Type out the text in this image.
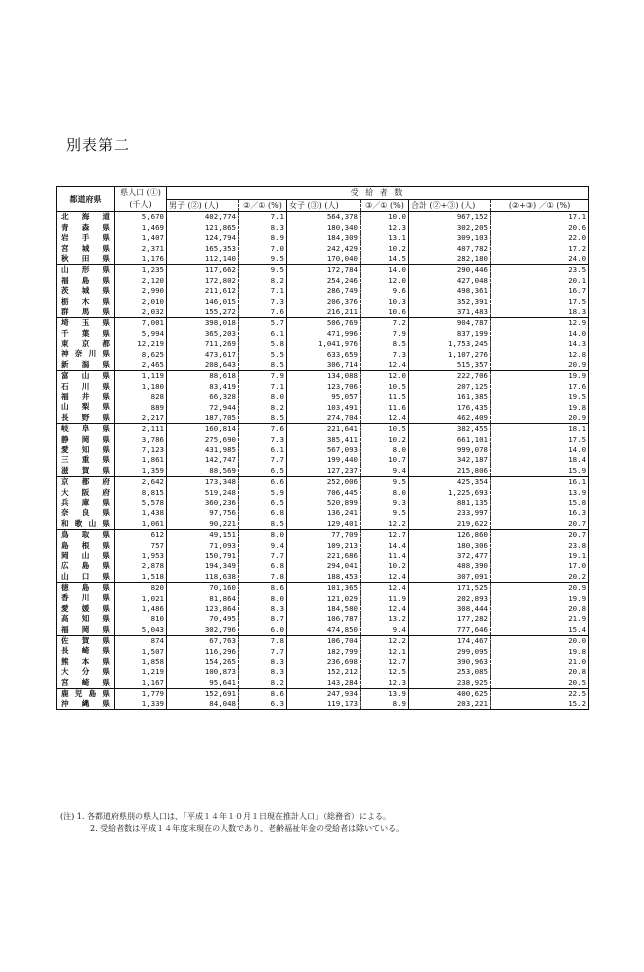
別表第二
都道府県	県人口 (①)	受 給 者 数					
	(千人)	男子 (②) (人)	②／① (%)	女子 (③) (人)	③／① (%)	合計 (②+③) (人)	(②+③) ／① (%)
北海道	5,670	402,774	7.1	564,378	10.0	967,152	17.1
青森県	1,469	121,865	8.3	180,340	12.3	302,205	20.6
岩手県	1,407	124,794	8.9	184,309	13.1	309,103	22.0
宮城県	2,371	165,353	7.0	242,429	10.2	407,782	17.2
秋田県	1,176	112,140	9.5	170,040	14.5	282,180	24.0
山形県	1,235	117,662	9.5	172,784	14.0	290,446	23.5
福島県	2,120	172,802	8.2	254,246	12.0	427,048	20.1
茨城県	2,990	211,612	7.1	286,749	9.6	498,361	16.7
栃木県	2,010	146,015	7.3	206,376	10.3	352,391	17.5
群馬県	2,032	155,272	7.6	216,211	10.6	371,483	18.3
埼玉県	7,001	398,018	5.7	506,769	7.2	904,787	12.9
千葉県	5,994	365,203	6.1	471,996	7.9	837,199	14.0
東京都	12,219	711,269	5.8	1,041,976	8.5	1,753,245	14.3
神奈川県	8,625	473,617	5.5	633,659	7.3	1,107,276	12.8
新潟県	2,465	208,643	8.5	306,714	12.4	515,357	20.9
富山県	1,119	88,618	7.9	134,088	12.0	222,706	19.9
石川県	1,180	83,419	7.1	123,706	10.5	207,125	17.6
福井県	828	66,328	8.0	95,057	11.5	161,385	19.5
山梨県	889	72,944	8.2	103,491	11.6	176,435	19.8
長野県	2,217	187,705	8.5	274,704	12.4	462,409	20.9
岐阜県	2,111	160,814	7.6	221,641	10.5	382,455	18.1
静岡県	3,786	275,690	7.3	385,411	10.2	661,101	17.5
愛知県	7,123	431,985	6.1	567,093	8.0	999,078	14.0
三重県	1,861	142,747	7.7	199,440	10.7	342,187	18.4
滋賀県	1,359	88,569	6.5	127,237	9.4	215,806	15.9
京都府	2,642	173,348	6.6	252,006	9.5	425,354	16.1
大阪府	8,815	519,248	5.9	706,445	8.0	1,225,693	13.9
兵庫県	5,578	360,236	6.5	520,899	9.3	881,135	15.8
奈良県	1,438	97,756	6.8	136,241	9.5	233,997	16.3
和歌山県	1,061	90,221	8.5	129,401	12.2	219,622	20.7
鳥取県	612	49,151	8.0	77,709	12.7	126,860	20.7
島根県	757	71,093	9.4	109,213	14.4	180,306	23.8
岡山県	1,953	150,791	7.7	221,686	11.4	372,477	19.1
広島県	2,878	194,349	6.8	294,041	10.2	488,390	17.0
山口県	1,518	118,638	7.8	188,453	12.4	307,091	20.2
徳島県	820	70,160	8.6	101,365	12.4	171,525	20.9
香川県	1,021	81,864	8.0	121,029	11.9	202,893	19.9
愛媛県	1,486	123,864	8.3	184,580	12.4	308,444	20.8
高知県	810	70,495	8.7	106,787	13.2	177,282	21.9
福岡県	5,043	302,796	6.0	474,850	9.4	777,646	15.4
佐賀県	874	67,763	7.8	106,704	12.2	174,467	20.0
長崎県	1,507	116,296	7.7	182,799	12.1	299,095	19.8
熊本県	1,858	154,265	8.3	236,698	12.7	390,963	21.0
大分県	1,219	100,873	8.3	152,212	12.5	253,085	20.8
宮崎県	1,167	95,641	8.2	143,284	12.3	238,925	20.5
鹿児島県	1,779	152,691	8.6	247,934	13.9	400,625	22.5
沖縄県	1,339	84,048	6.3	119,173	8.9	203,221	15.2
(注) 1. 各都道府県別の県人口は、「平成１４年１０月１日現在推計人口」（総務省）による。
2. 受給者数は平成１４年度末現在の人数であり、老齢福祉年金の受給者は除いている。
